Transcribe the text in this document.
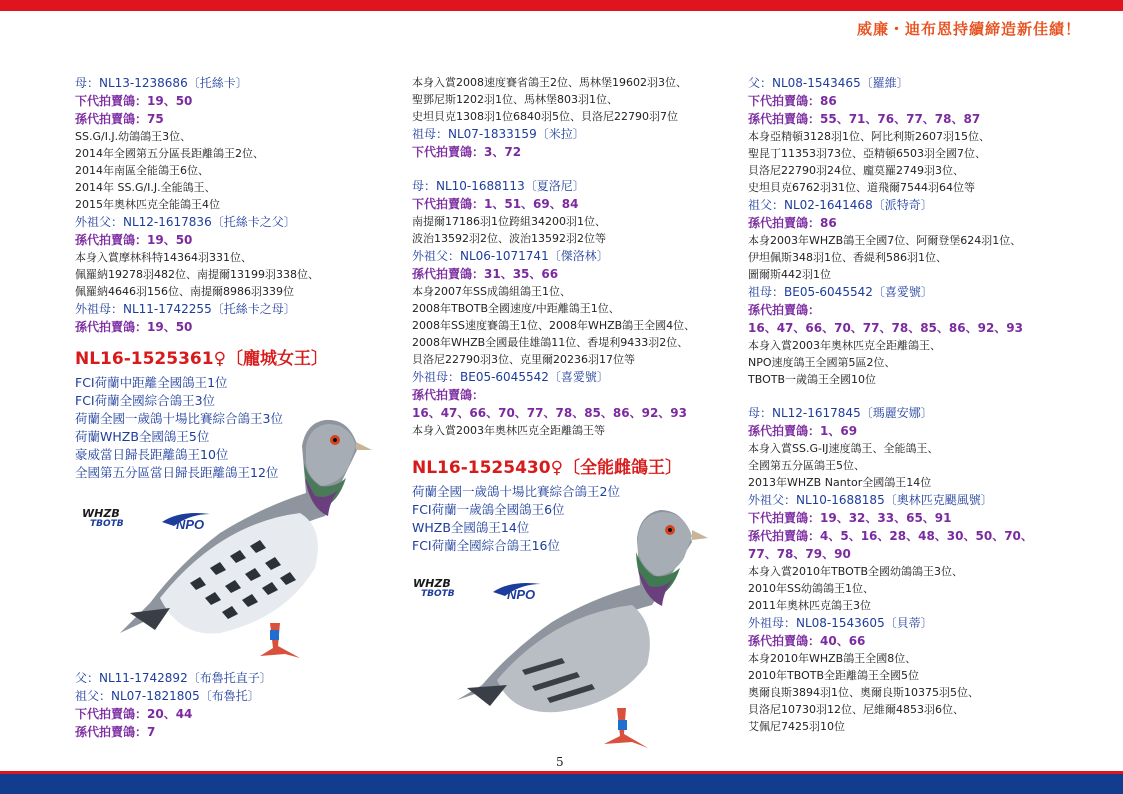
威廉・迪布恩持續締造新佳績！
母：NL13-1238686〔托絲卡〕
下代拍賣鴿：19、50
孫代拍賣鴿：75
SS.G/I.J.幼鴿鴿王3位、
2014年全國第五分區長距離鴿王2位、
2014年南區全能鴿王6位、
2014年 SS.G/I.J.全能鴿王、
2015年奧林匹克全能鴿王4位
外祖父：NL12-1617836〔托絲卡之父〕
孫代拍賣鴿：19、50
本身入賞摩林科特14364羽331位、
佩羅納19278羽482位、南提爾13199羽338位、
佩羅納4646羽156位、南提爾8986羽339位
外祖母：NL11-1742255〔托絲卡之母〕
孫代拍賣鴿：19、50
NL16-1525361♀〔龐城女王〕
FCI荷蘭中距離全國鴿王1位
FCI荷蘭全國綜合鴿王3位
荷蘭全國一歲鴿十場比賽綜合鴿王3位
荷蘭WHZB全國鴿王5位
豪威當日歸長距離鴿王10位
全國第五分區當日歸長距離鴿王12位
WHZB
TBOTB	NPO
父：NL11-1742892〔布魯托直子〕
祖父：NL07-1821805〔布魯托〕
下代拍賣鴿：20、44
孫代拍賣鴿：7
本身入賞2008速度賽省鴿王2位、馬林堡19602羽3位、
聖鄧尼斯1202羽1位、馬林堡803羽1位、
史坦貝克1308羽1位6840羽5位、貝洛尼22790羽7位
祖母：NL07-1833159〔米拉〕
下代拍賣鴿：3、72
母：NL10-1688113〔夏洛尼〕
下代拍賣鴿：1、51、69、84
南提爾17186羽1位跨組34200羽1位、
波治13592羽2位、波治13592羽2位等
外祖父：NL06-1071741〔傑洛林〕
孫代拍賣鴿：31、35、66
本身2007年SS成鴿組鴿王1位、
2008年TBOTB全國速度/中距離鴿王1位、
2008年SS速度賽鴿王1位、2008年WHZB鴿王全國4位、
2008年WHZB全國最佳雄鴿11位、香堤利9433羽2位、
貝洛尼22790羽3位、克里爾20236羽17位等
外祖母：BE05-6045542〔喜愛號〕
孫代拍賣鴿：
16、47、66、70、77、78、85、86、92、93
本身入賞2003年奧林匹克全距離鴿王等
NL16-1525430♀〔全能雌鴿王〕
荷蘭全國一歲鴿十場比賽綜合鴿王2位
FCI荷蘭一歲鴿全國鴿王6位
WHZB全國鴿王14位
FCI荷蘭全國綜合鴿王16位
WHZB
TBOTB	NPO
父：NL08-1543465〔羅維〕
下代拍賣鴿：86
孫代拍賣鴿：55、71、76、77、78、87
本身亞精頓3128羽1位、阿比利斯2607羽15位、
聖昆丁11353羽73位、亞精頓6503羽全國7位、
貝洛尼22790羽24位、龐莫羅2749羽3位、
史坦貝克6762羽31位、道飛爾7544羽64位等
祖父：NL02-1641468〔派特奇〕
孫代拍賣鴿：86
本身2003年WHZB鴿王全國7位、阿爾登堡624羽1位、
伊坦佩斯348羽1位、香緹利586羽1位、
圖爾斯442羽1位
祖母：BE05-6045542〔喜愛號〕
孫代拍賣鴿：
16、47、66、70、77、78、85、86、92、93
本身入賞2003年奧林匹克全距離鴿王、
NPO速度鴿王全國第5區2位、
TBOTB一歲鴿王全國10位
母：NL12-1617845〔瑪麗安娜〕
孫代拍賣鴿：1、69
本身入賞SS.G-IJ速度鴿王、全能鴿王、
全國第五分區鴿王5位、
2013年WHZB Nantor全國鴿王14位
外祖父：NL10-1688185〔奧林匹克颶風號〕
下代拍賣鴿：19、32、33、65、91
孫代拍賣鴿：4、5、16、28、48、30、50、70、
77、78、79、90
本身入賞2010年TBOTB全國幼鴿鴿王3位、
2010年SS幼鴿鴿王1位、
2011年奧林匹克鴿王3位
外祖母：NL08-1543605〔貝蒂〕
孫代拍賣鴿：40、66
本身2010年WHZB鴿王全國8位、
2010年TBOTB全距離鴿王全國5位
奧爾良斯3894羽1位、奧爾良斯10375羽5位、
貝洛尼10730羽12位、尼維爾4853羽6位、
艾佩尼7425羽10位
5
